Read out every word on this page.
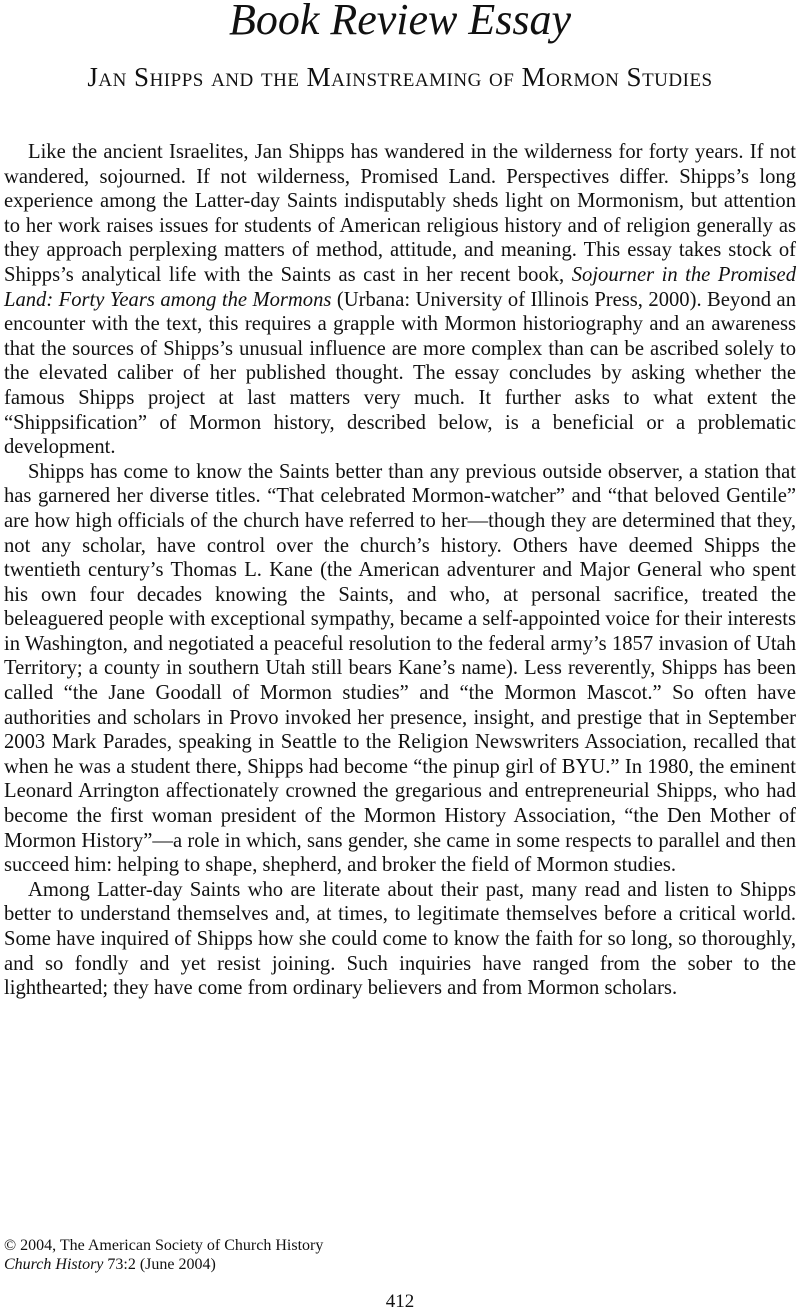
Book Review Essay
Jan Shipps and the Mainstreaming of Mormon Studies

Like the ancient Israelites, Jan Shipps has wandered in the wilderness for forty years. If not wandered, sojourned. If not wilderness, Promised Land. Perspectives differ. Shipps’s long experience among the Latter-day Saints indisputably sheds light on Mormonism, but attention to her work raises issues for students of American religious history and of religion generally as they approach perplexing matters of method, attitude, and meaning. This essay takes stock of Shipps’s analytical life with the Saints as cast in her recent book, Sojourner in the Promised Land: Forty Years among the Mormons (Urbana: University of Illinois Press, 2000). Beyond an encounter with the text, this requires a grapple with Mormon historiography and an awareness that the sources of Shipps’s unusual influence are more complex than can be ascribed solely to the elevated caliber of her published thought. The essay concludes by asking whether the famous Shipps project at last matters very much. It further asks to what extent the “Shippsification” of Mormon history, described below, is a beneficial or a problematic development.

Shipps has come to know the Saints better than any previous outside observer, a station that has garnered her diverse titles. “That celebrated Mormon-watcher” and “that beloved Gentile” are how high officials of the church have referred to her—though they are determined that they, not any scholar, have control over the church’s history. Others have deemed Shipps the twentieth century’s Thomas L. Kane (the American adventurer and Major General who spent his own four decades knowing the Saints, and who, at personal sacrifice, treated the beleaguered people with exceptional sympathy, became a self-appointed voice for their interests in Washington, and negotiated a peaceful resolution to the federal army’s 1857 invasion of Utah Territory; a county in southern Utah still bears Kane’s name). Less reverently, Shipps has been called “the Jane Goodall of Mormon studies” and “the Mormon Mascot.” So often have authorities and scholars in Provo invoked her presence, insight, and prestige that in September 2003 Mark Parades, speaking in Seattle to the Religion Newswriters Association, recalled that when he was a student there, Shipps had become “the pinup girl of BYU.” In 1980, the eminent Leonard Arrington affectionately crowned the gregarious and entrepreneurial Shipps, who had become the first woman president of the Mormon History Association, “the Den Mother of Mormon History”—a role in which, sans gender, she came in some respects to parallel and then succeed him: helping to shape, shepherd, and broker the field of Mormon studies.

Among Latter-day Saints who are literate about their past, many read and listen to Shipps better to understand themselves and, at times, to legitimate themselves before a critical world. Some have inquired of Shipps how she could come to know the faith for so long, so thoroughly, and so fondly and yet resist joining. Such inquiries have ranged from the sober to the lighthearted; they have come from ordinary believers and from Mormon scholars.

© 2004, The American Society of Church History
Church History 73:2 (June 2004)
412
